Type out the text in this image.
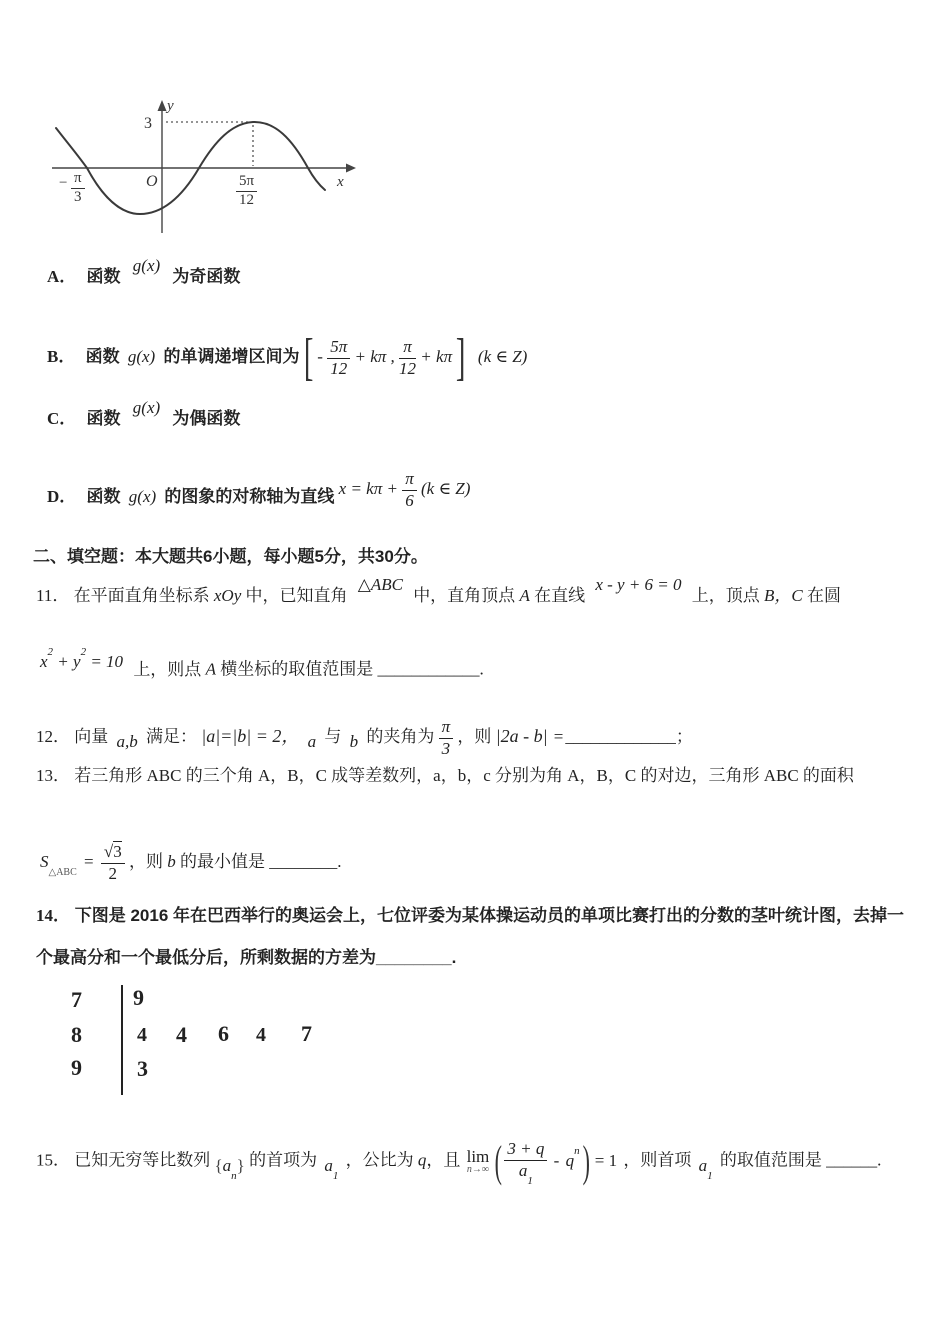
3
y
x
O
− $\frac{\pi}{3}$	$\frac{5\pi}{12}$
A． 函数 g(x) 为奇函数
B． 函数 g(x) 的单调递增区间为 [ - $\frac{5\pi}{12} + k\pi$ , $\frac{\pi}{12} + k\pi$ ] (k ∈ Z)
C． 函数 g(x) 为偶函数
D． 函数 g(x) 的图象的对称轴为直线 $x = k\pi + \frac{\pi}{6} (k$ ∈ Z)
二、填空题：本大题共6小题，每小题5分，共30分。
11． 在平面直角坐标系 xOy 中，已知直角 △ABC 中，直角顶点 A 在直线 x - y + 6 = 0 上，顶点 B，C 在圆
$x^2 + y^2 = 10$ 上，则点 A 横坐标的取值范围是 ____________.
12． 向量 a,b 满足： |a|=|b| = 2， a 与 b 的夹角为 $\frac{\pi}{3}$ ，则 |2a - b| = _____________；
13． 若三角形 ABC 的三个角 A，B，C 成等差数列，a，b，c 分别为角 A，B，C 的对边，三角形 ABC 的面积
$S_{\triangle ABC} = \frac{√3}{2}$ ，则 b 的最小值是 ________.
14． 下图是 2016 年在巴西举行的奥运会上，七位评委为某体操运动员的单项比赛打出的分数的茎叶统计图，去掉一
个最高分和一个最低分后，所剩数据的方差为________.
7
8
9
9
4 4 6 4 7
3
15． 已知无穷等比数列 $\{a_n\}$ 的首项为 $a_1$ ，公比为 q，且 lim
n→∞ ( $\frac{3 + q}{a_1} - q^n$ ) = 1 ，则首项 $a_1$ 的取值范围是 ______.
